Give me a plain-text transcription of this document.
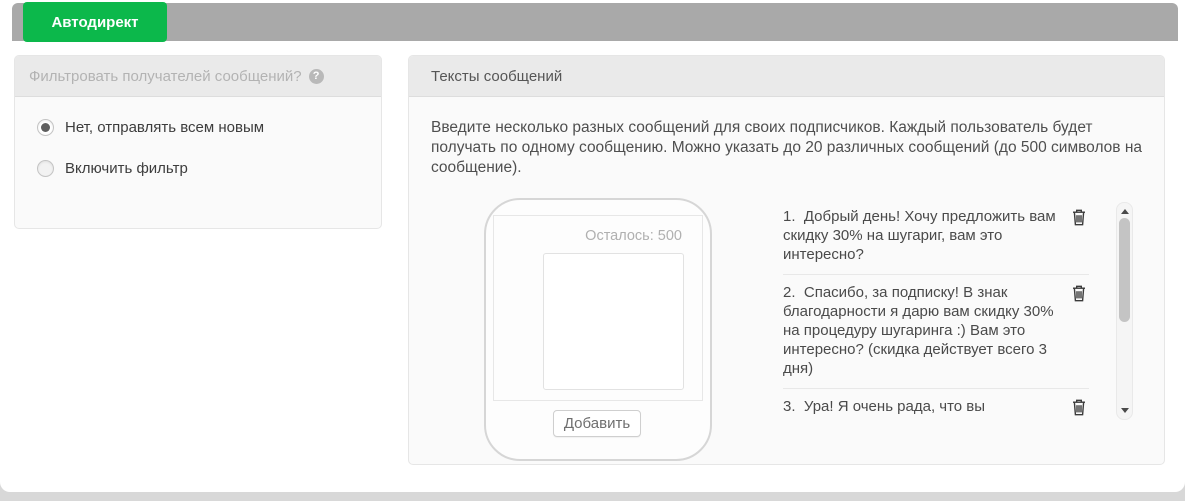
Автодирект
Фильтровать получателей сообщений?	?
Нет, отправлять всем новым
Включить фильтр
Тексты сообщений

Введите несколько разных сообщений для своих подписчиков. Каждый пользователь будет получать по одному сообщению. Можно указать до 20 различных сообщений (до 500 символов на сообщение).

Осталось: 500
Добавить
1. Добрый день! Хочу предложить вам скидку 30% на шугариг, вам это интересно?
2. Спасибо, за подписку! В знак благодарности я дарю вам скидку 30% на процедуру шугаринга :) Вам это интересно? (скидка действует всего 3 дня)
3. Ура! Я очень рада, что вы
